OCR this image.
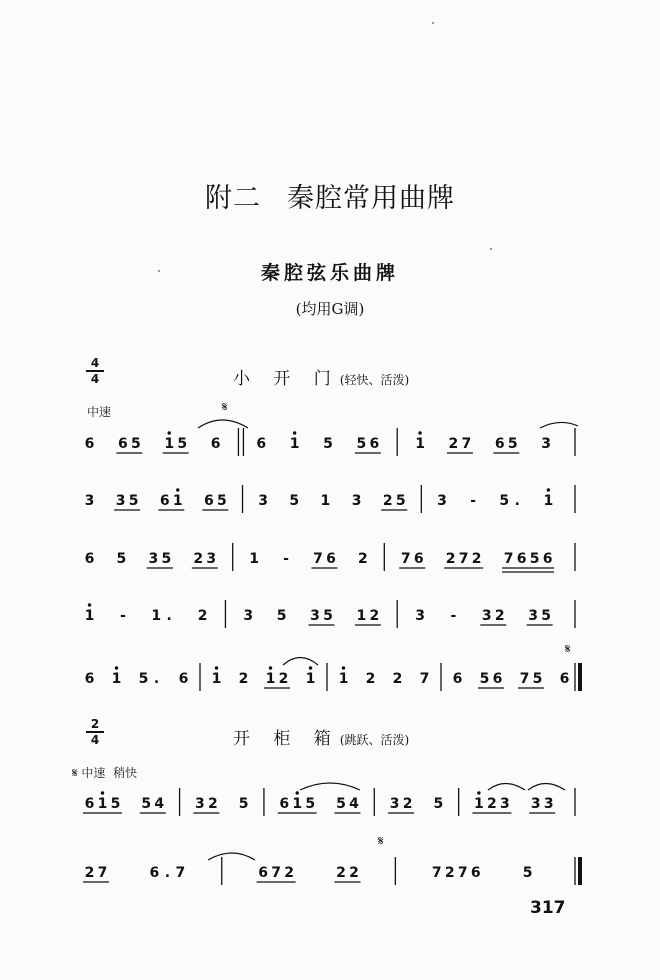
附二 秦腔常用曲牌
秦腔弦乐曲牌
(均用G调)
4
4	小 开 门(轻快、活泼)
中速	𝄋
𝄋
2
4	开 柜 箱(跳跃、活泼)
𝄋 中速 稍快
𝄋
317
6 6 5 1 5 6	6 1 5 5 6	1 2 7 6 5 3
3 3 5 6 1 6 5 3 5 1 3 2 5 3 - 5 . 1
6 5 3 5 2 3 1 - 7 6 2 7 6 2 7 2 7 6 5 6
1 - 1 . 2	3 5 3 5 1 2	3 - 3 2 3 5
6 1 5 . 6 1 2 1 2 1 1 2 2 7 6 5 6 7 5 6
6 1 5 5 4 3 2 5 6 1 5 5 4 3 2 5 1 2 3 3 3
2 7	6 . 7	6 7 2	2 2	7 2 7 6	5
